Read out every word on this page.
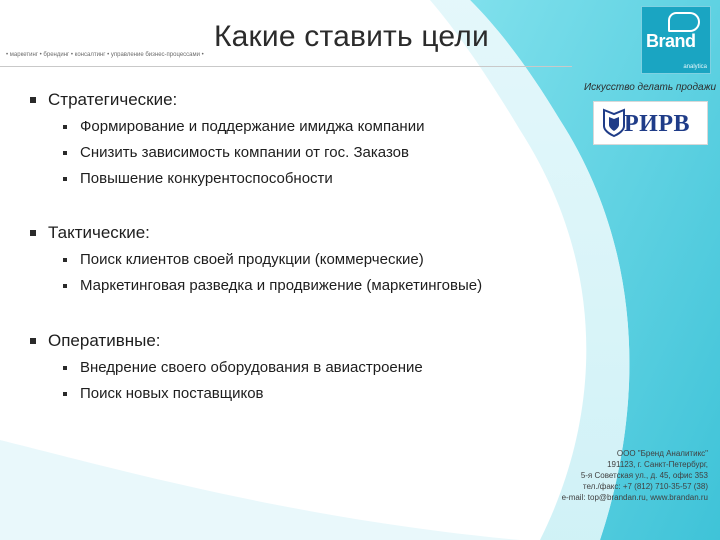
Какие ставить цели
• маркетинг • брендинг • консалтинг • управление бизнес-процессами •
Brand
analytica
Искусство делать продажи
РИРВ
Стратегические:
Формирование и поддержание имиджа компании
Снизить зависимость компании от гос. Заказов
Повышение конкурентоспособности
Тактические:
Поиск клиентов своей продукции (коммерческие)
Маркетинговая разведка и продвижение (маркетинговые)
Оперативные:
Внедрение своего оборудования в авиастроение
Поиск новых поставщиков
ООО "Бренд Аналитикс"
191123, г. Санкт-Петербург,
5-я Советская ул., д. 45, офис 353
тел./факс: +7 (812) 710-35-57 (38)
e-mail: top@brandan.ru, www.brandan.ru
